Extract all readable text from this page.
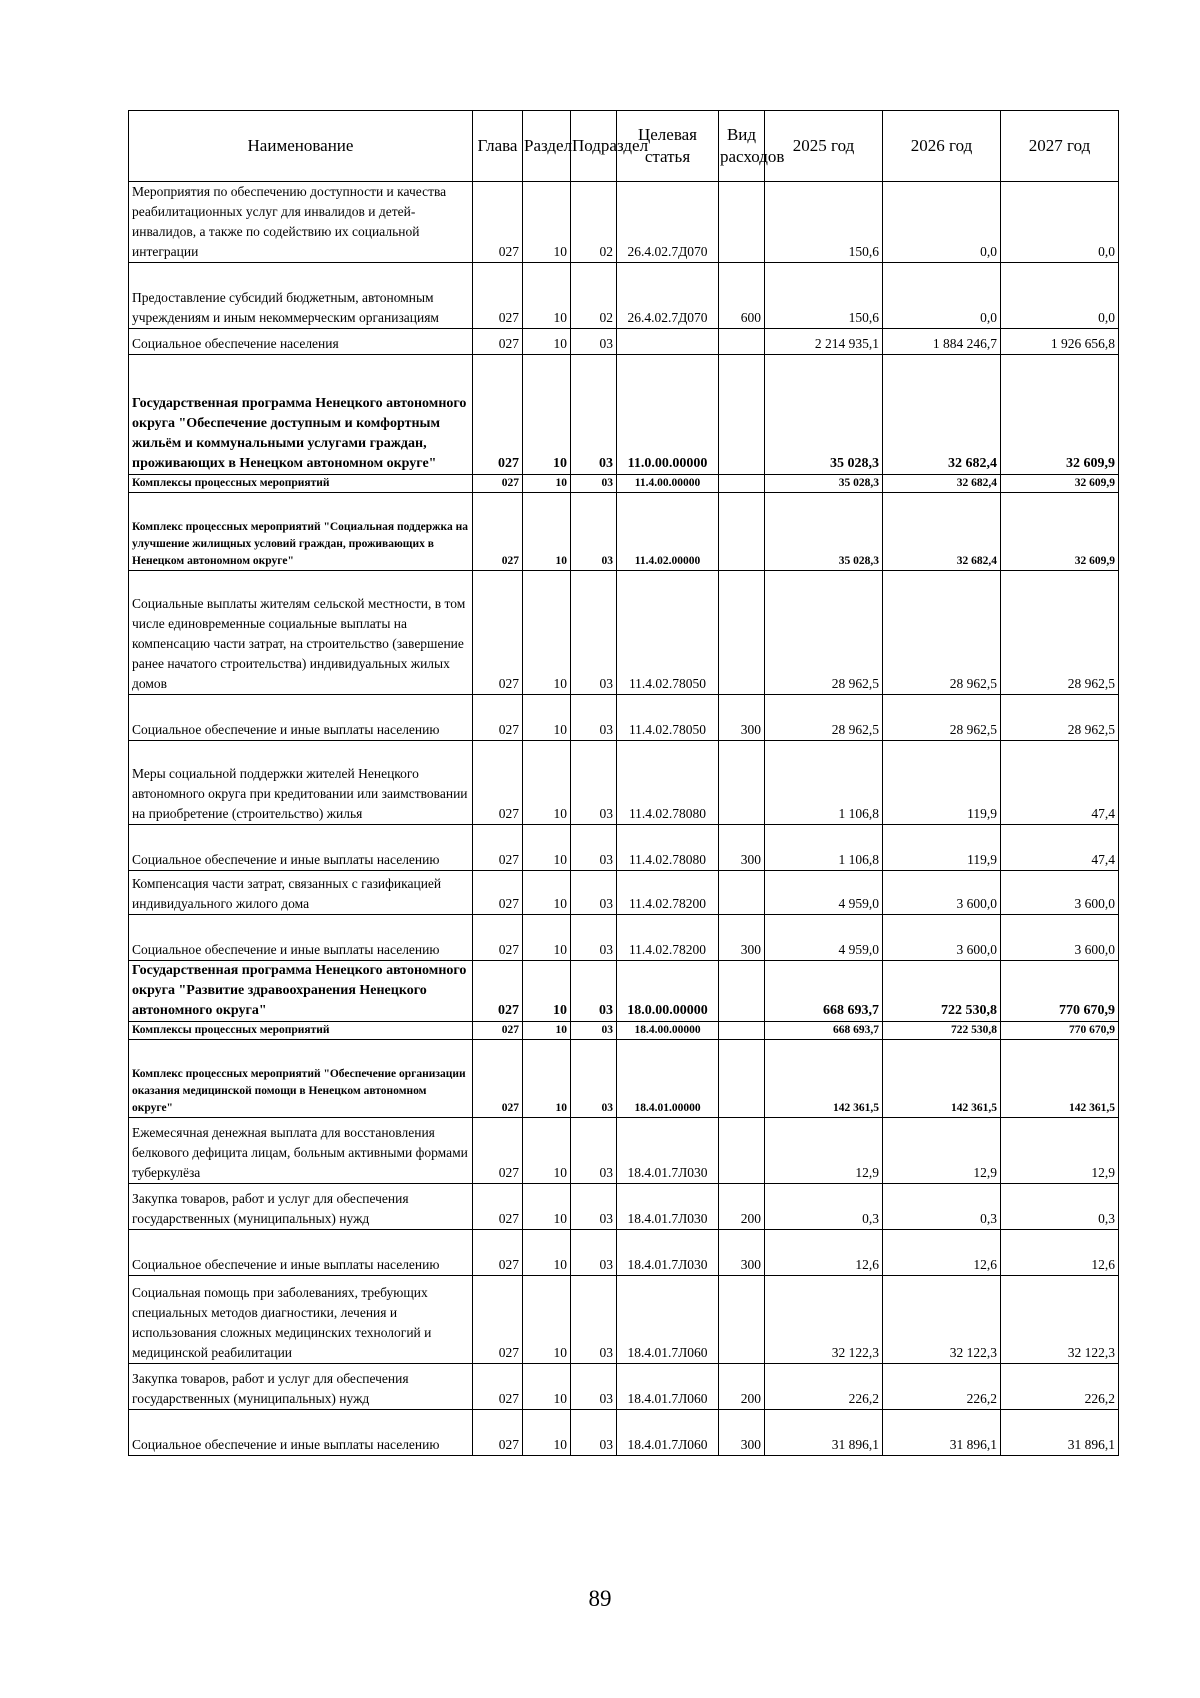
Наименование	Глава	Раздел	Подраздел	Целевая статья	Вид расходов	2025 год	2026 год	2027 год
Мероприятия по обеспечению доступности и качества реабилитационных услуг для инвалидов и детей-инвалидов, а также по содействию их социальной интеграции	027	10	02	26.4.02.7Д070		150,6	0,0	0,0
Предоставление субсидий бюджетным, автономным учреждениям и иным некоммерческим организациям	027	10	02	26.4.02.7Д070	600	150,6	0,0	0,0
Социальное обеспечение населения	027	10	03			2 214 935,1	1 884 246,7	1 926 656,8
Государственная программа Ненецкого автономного округа "Обеспечение доступным и комфортным жильём и коммунальными услугами граждан, проживающих в Ненецком автономном округе"	027	10	03	11.0.00.00000		35 028,3	32 682,4	32 609,9
Комплексы процессных мероприятий	027	10	03	11.4.00.00000		35 028,3	32 682,4	32 609,9
Комплекс процессных мероприятий "Социальная поддержка на улучшение жилищных условий граждан, проживающих в Ненецком автономном округе"	027	10	03	11.4.02.00000		35 028,3	32 682,4	32 609,9
Социальные выплаты жителям сельской местности, в том числе единовременные социальные выплаты на компенсацию части затрат, на строительство (завершение ранее начатого строительства) индивидуальных жилых домов	027	10	03	11.4.02.78050		28 962,5	28 962,5	28 962,5
Социальное обеспечение и иные выплаты населению	027	10	03	11.4.02.78050	300	28 962,5	28 962,5	28 962,5
Меры социальной поддержки жителей Ненецкого автономного округа при кредитовании или заимствовании на приобретение (строительство) жилья	027	10	03	11.4.02.78080		1 106,8	119,9	47,4
Социальное обеспечение и иные выплаты населению	027	10	03	11.4.02.78080	300	1 106,8	119,9	47,4
Компенсация части затрат, связанных с газификацией индивидуального жилого дома	027	10	03	11.4.02.78200		4 959,0	3 600,0	3 600,0
Социальное обеспечение и иные выплаты населению	027	10	03	11.4.02.78200	300	4 959,0	3 600,0	3 600,0
Государственная программа Ненецкого автономного округа "Развитие здравоохранения Ненецкого автономного округа"	027	10	03	18.0.00.00000		668 693,7	722 530,8	770 670,9
Комплексы процессных мероприятий	027	10	03	18.4.00.00000		668 693,7	722 530,8	770 670,9
Комплекс процессных мероприятий "Обеспечение организации оказания медицинской помощи в Ненецком автономном округе"	027	10	03	18.4.01.00000		142 361,5	142 361,5	142 361,5
Ежемесячная денежная выплата для восстановления белкового дефицита лицам, больным активными формами туберкулёза	027	10	03	18.4.01.7Л030		12,9	12,9	12,9
Закупка товаров, работ и услуг для обеспечения государственных (муниципальных) нужд	027	10	03	18.4.01.7Л030	200	0,3	0,3	0,3
Социальное обеспечение и иные выплаты населению	027	10	03	18.4.01.7Л030	300	12,6	12,6	12,6
Социальная помощь при заболеваниях, требующих специальных методов диагностики, лечения и использования сложных медицинских технологий и медицинской реабилитации	027	10	03	18.4.01.7Л060		32 122,3	32 122,3	32 122,3
Закупка товаров, работ и услуг для обеспечения государственных (муниципальных) нужд	027	10	03	18.4.01.7Л060	200	226,2	226,2	226,2
Социальное обеспечение и иные выплаты населению	027	10	03	18.4.01.7Л060	300	31 896,1	31 896,1	31 896,1
89
